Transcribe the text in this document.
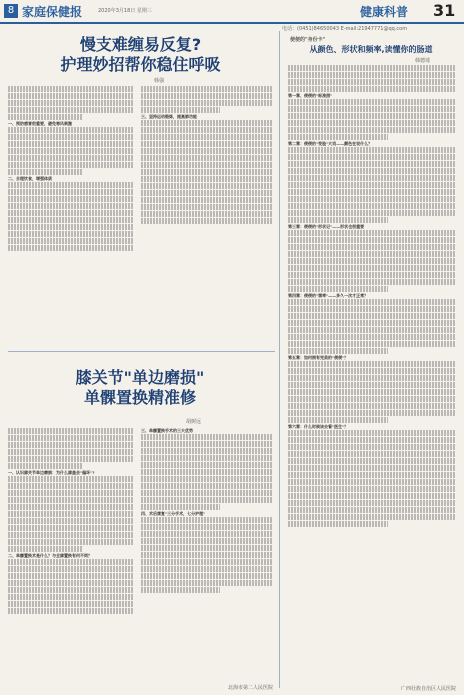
8 家庭保健报	2020年3月18日 星期三	健康科普 31
电话：(0451)84650043 E-mail:21947771@qq.com
慢支难缠易反复?
护理妙招帮你稳住呼吸
韩强
一、预防感冒很重要，避免寒风刺激
二、合理饮食，增强体质
三、坚持运动锻炼，提高肺功能
膝关节"单边磨损"
单髁置换精准修
胡树远
一、认识膝关节单边磨损：为什么膝盖会"偏坏"?
二、单髁置换术是什么？与全膝置换有何不同？
三、单髁置换手术的三大优势
四、术后康复"三分手术，七分护理"
北海市第二人民医院
便便的"身份卡"
从颜色、形状和频率,读懂你的肠道
韩德琦
第一章、便便的"标准照"
第二章：便便的"变脸"大戏——颜色在说什么？
第三章：便便的"形状记"——形状也很重要
第四章：便便的"频率"——多久一次才正常？
第五章：如何拥有完美的"便便"？
第六章：什么时候该去看"医生"？
广西壮族自治区人民医院
